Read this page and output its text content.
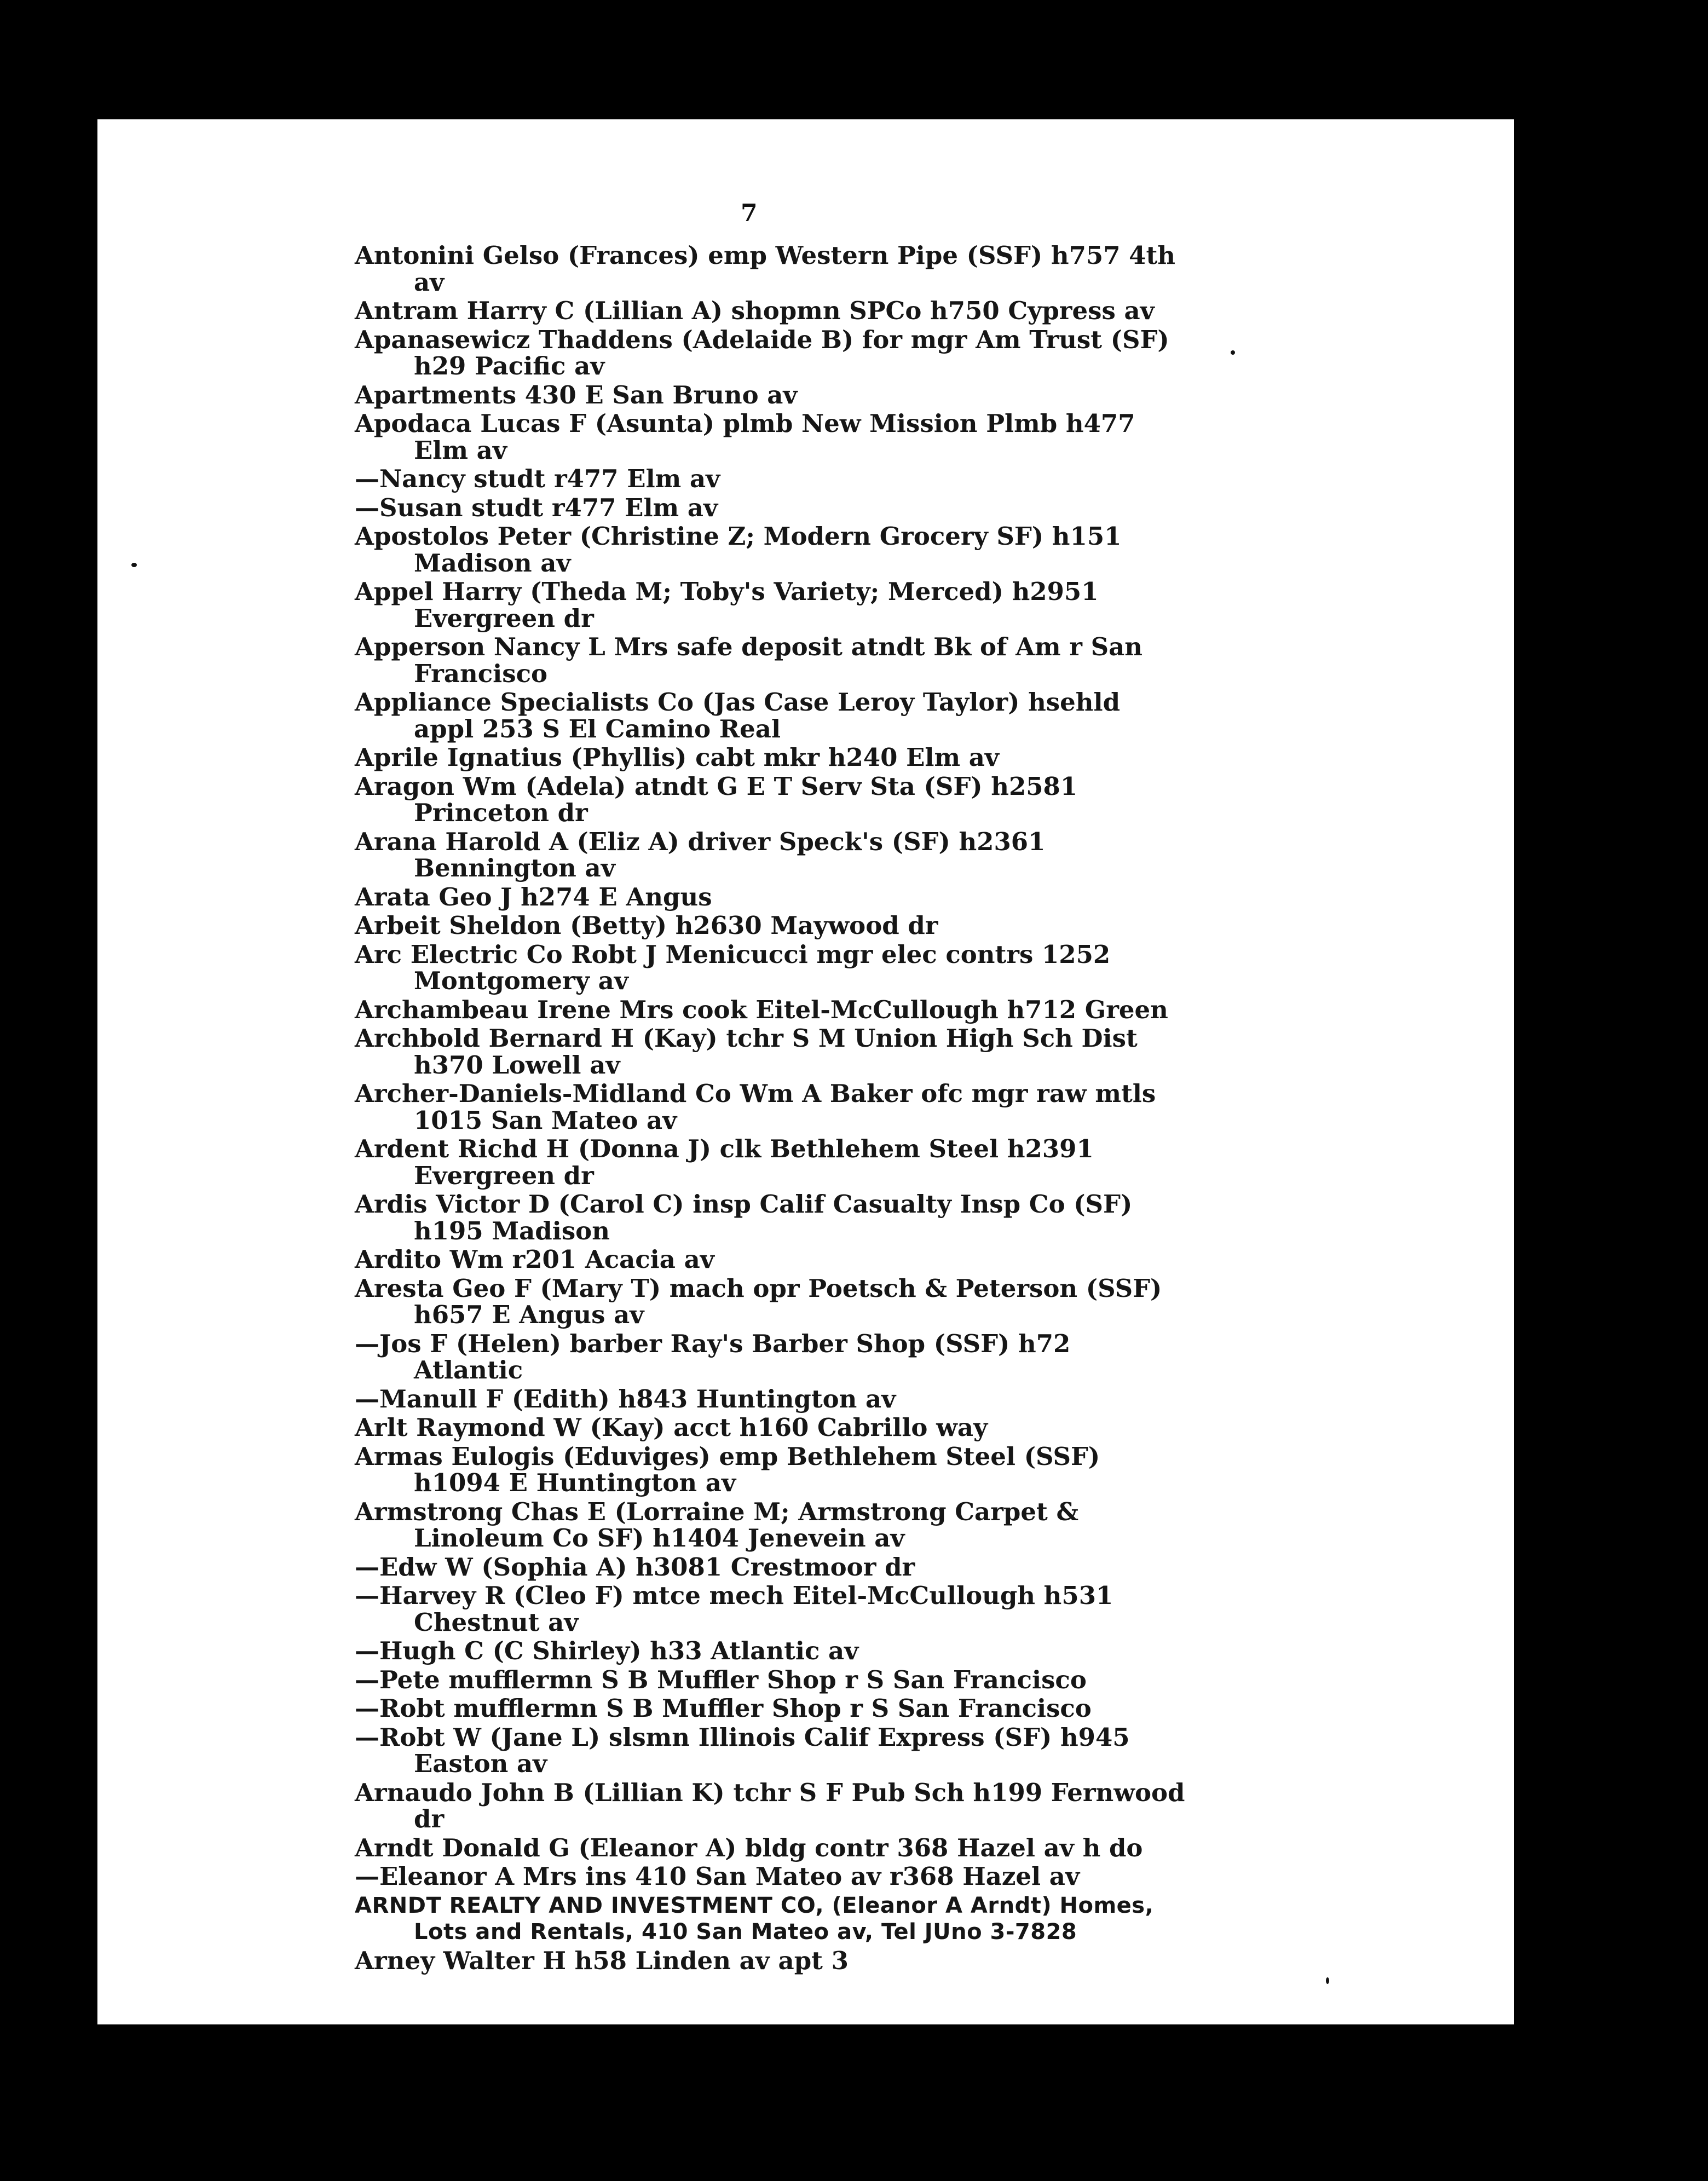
7
Antonini Gelso (Frances) emp Western Pipe (SSF) h757 4th av
Antram Harry C (Lillian A) shopmn SPCo h750 Cypress av
Apanasewicz Thaddens (Adelaide B) for mgr Am Trust (SF) h29 Pacific av
Apartments 430 E San Bruno av
Apodaca Lucas F (Asunta) plmb New Mission Plmb h477 Elm av
—Nancy studt r477 Elm av
—Susan studt r477 Elm av
Apostolos Peter (Christine Z; Modern Grocery SF) h151 Madison av
Appel Harry (Theda M; Toby's Variety; Merced) h2951 Evergreen dr
Apperson Nancy L Mrs safe deposit atndt Bk of Am r San Francisco
Appliance Specialists Co (Jas Case Leroy Taylor) hsehld appl 253 S El Camino Real
Aprile Ignatius (Phyllis) cabt mkr h240 Elm av
Aragon Wm (Adela) atndt G E T Serv Sta (SF) h2581 Princeton dr
Arana Harold A (Eliz A) driver Speck's (SF) h2361 Bennington av
Arata Geo J h274 E Angus
Arbeit Sheldon (Betty) h2630 Maywood dr
Arc Electric Co Robt J Menicucci mgr elec contrs 1252 Montgomery av
Archambeau Irene Mrs cook Eitel-McCullough h712 Green
Archbold Bernard H (Kay) tchr S M Union High Sch Dist h370 Lowell av
Archer-Daniels-Midland Co Wm A Baker ofc mgr raw mtls 1015 San Mateo av
Ardent Richd H (Donna J) clk Bethlehem Steel h2391 Evergreen dr
Ardis Victor D (Carol C) insp Calif Casualty Insp Co (SF) h195 Madison
Ardito Wm r201 Acacia av
Aresta Geo F (Mary T) mach opr Poetsch & Peterson (SSF) h657 E Angus av
—Jos F (Helen) barber Ray's Barber Shop (SSF) h72 Atlantic
—Manull F (Edith) h843 Huntington av
Arlt Raymond W (Kay) acct h160 Cabrillo way
Armas Eulogis (Eduviges) emp Bethlehem Steel (SSF) h1094 E Huntington av
Armstrong Chas E (Lorraine M; Armstrong Carpet & Linoleum Co SF) h1404 Jenevein av
—Edw W (Sophia A) h3081 Crestmoor dr
—Harvey R (Cleo F) mtce mech Eitel-McCullough h531 Chestnut av
—Hugh C (C Shirley) h33 Atlantic av
—Pete mufflermn S B Muffler Shop r S San Francisco
—Robt mufflermn S B Muffler Shop r S San Francisco
—Robt W (Jane L) slsmn Illinois Calif Express (SF) h945 Easton av
Arnaudo John B (Lillian K) tchr S F Pub Sch h199 Fernwood dr
Arndt Donald G (Eleanor A) bldg contr 368 Hazel av h do
—Eleanor A Mrs ins 410 San Mateo av r368 Hazel av
ARNDT REALTY AND INVESTMENT CO, (Eleanor A Arndt) Homes, Lots and Rentals, 410 San Mateo av, Tel JUno 3-7828
Arney Walter H h58 Linden av apt 3
